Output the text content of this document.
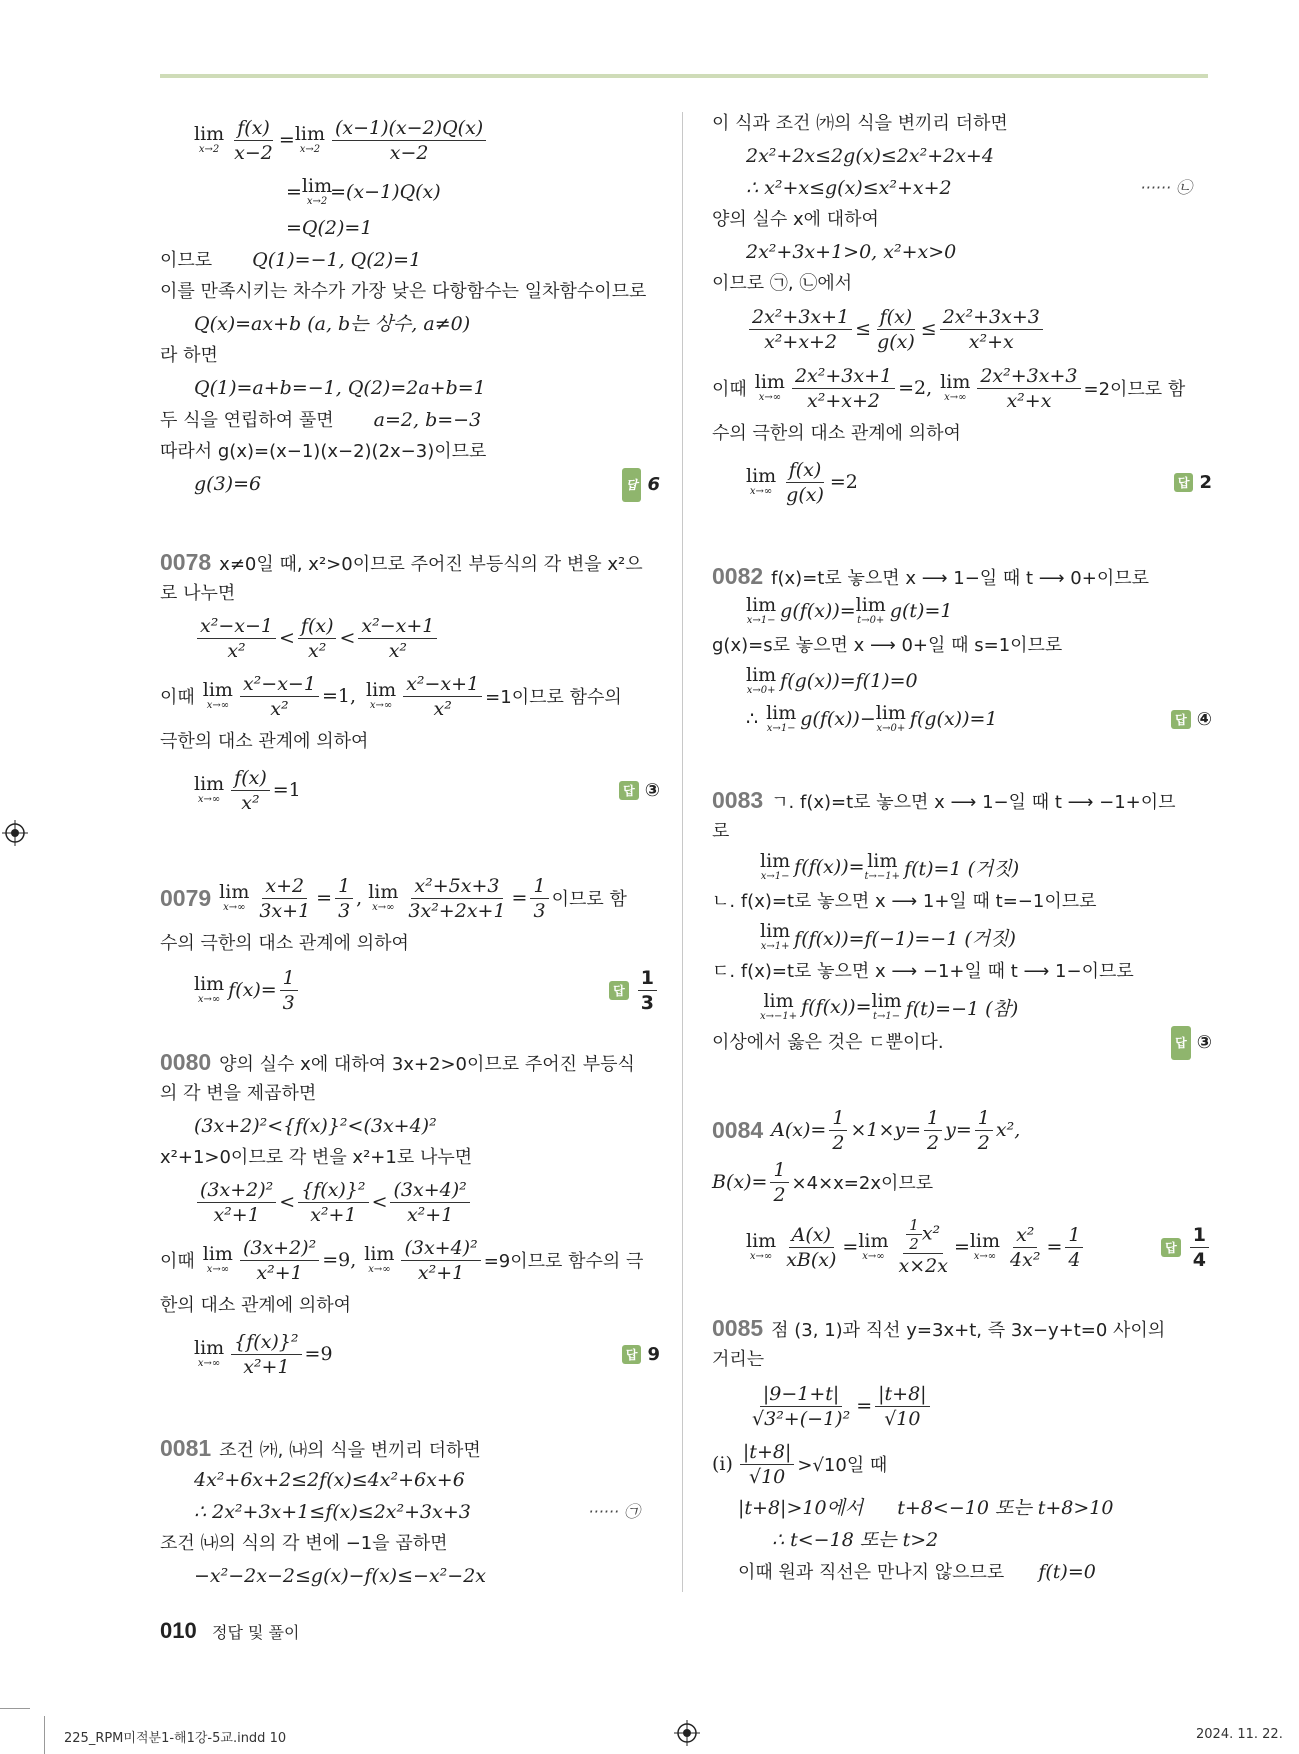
lim
$x\to 2 \frac{f(x)}{x-2} = \lim$
$x\to 2 \frac{(x-1)(x-2)Q(x)}{x-2}$
= lim
x→2 =(x−1)Q(x)
=Q(2)=1
이므로 Q(1)=−1, Q(2)=1
이를 만족시키는 차수가 가장 낮은 다항함수는 일차함수이므로
Q(x)=ax+b (a, b는 상수, a≠0)
라 하면
Q(1)=a+b=−1, Q(2)=2a+b=1
두 식을 연립하여 풀면 a=2, b=−3
따라서 g(x)=(x−1)(x−2)(2x−3)이므로
g(3)=6	답 6
0078 x≠0일 때, x²>0이므로 주어진 부등식의 각 변을 x²으
로 나누면
$\frac{\text{x²−x−1}}{\text{x²}} < \frac{f(x)}{\text{x²}} < \frac{\text{x²−x+1}}{\text{x²}}$
이때 lim
$x\to\infty \frac{\text{x²−x−1}}{\text{x²}} =1$, lim
$x\to\infty \frac{\text{x²−x+1}}{\text{x²}} =1$이므로 함수의
극한의 대소 관계에 의하여
lim
$x\to\infty \frac{f(x)}{\text{x²}} =1$	답 ③
0079 lim
$x\to\infty \frac{x+2}{3x+1} = \frac{1}{3}$ , lim
$x\to\infty \frac{\text{x²+5x+3}}{\text{3x²+2x+1}} = \frac{1}{3}$ 이므로 함
수의 극한의 대소 관계에 의하여
lim
x→∞ $f(x)= \frac{1}{3}$	답 $\frac{1}{3}$
0080 양의 실수 x에 대하여 3x+2>0이므로 주어진 부등식
의 각 변을 제곱하면
(3x+2)²<{f(x)}²<(3x+4)²
x²+1>0이므로 각 변을 x²+1로 나누면
$\frac{\text{(3x+2)²}}{\text{x²+1}} < \frac{\text{\{f(x)\}²}}{\text{x²+1}} < \frac{\text{(3x+4)²}}{\text{x²+1}}$
이때 lim
$x\to\infty \frac{\text{(3x+2)²}}{\text{x²+1}} =9$, lim
$x\to\infty \frac{\text{(3x+4)²}}{\text{x²+1}} =9$이므로 함수의 극
한의 대소 관계에 의하여
lim
$x\to\infty \frac{\text{\{f(x)\}²}}{\text{x²+1}} =9$	답 9
0081 조건 ㈎, ㈏의 식을 변끼리 더하면
4x²+6x+2≤2f(x)≤4x²+6x+6
∴ 2x²+3x+1≤f(x)≤2x²+3x+3	······ ㉠
조건 ㈏의 식의 각 변에 −1을 곱하면
−x²−2x−2≤g(x)−f(x)≤−x²−2x
이 식과 조건 ㈎의 식을 변끼리 더하면
2x²+2x≤2g(x)≤2x²+2x+4
∴ x²+x≤g(x)≤x²+x+2	······ ㉡
양의 실수 x에 대하여
2x²+3x+1>0, x²+x>0
이므로 ㉠, ㉡에서
$\frac{\text{2x²+3x+1}}{\text{x²+x+2}} \le \frac{f(x)}{g(x)} \le \frac{\text{2x²+3x+3}}{\text{x²+x}}$
이때 lim
$x\to\infty \frac{\text{2x²+3x+1}}{\text{x²+x+2}} =2$, lim
$x\to\infty \frac{\text{2x²+3x+3}}{\text{x²+x}} =2$이므로 함
수의 극한의 대소 관계에 의하여
lim
$x\to\infty \frac{f(x)}{g(x)} =2$	답 2
0082 f(x)=t로 놓으면 x ⟶ 1−일 때 t ⟶ 0+이므로
lim
x→1− g(f(x))= lim
t→0+ g(t)=1
g(x)=s로 놓으면 x ⟶ 0+일 때 s=1이므로
lim
x→0+ f(g(x))=f(1)=0
∴ lim
x→1− g(f(x))− lim
x→0+ f(g(x))=1	답 ④
0083 ㄱ. f(x)=t로 놓으면 x ⟶ 1−일 때 t ⟶ −1+이므
로
lim
x→1− f(f(x))= lim
t→−1+ f(t)=1 (거짓)
ㄴ. f(x)=t로 놓으면 x ⟶ 1+일 때 t=−1이므로
lim
x→1+ f(f(x))=f(−1)=−1 (거짓)
ㄷ. f(x)=t로 놓으면 x ⟶ −1+일 때 t ⟶ 1−이므로
lim
x→−1+ f(f(x))= lim
t→1− f(t)=−1 (참)
이상에서 옳은 것은 ㄷ뿐이다.	답 ③
0084 $A(x)= \frac{1}{2} \times 1\times y= \frac{1}{2} y= \frac{1}{2} x^2$,
$B(x)= \frac{1}{2} \times 4\times x=2x$이므로
lim
$x\to\infty \frac{A(x)}{xB(x)} = \lim$
$x\to\infty \frac{\frac{1}{2} x^2}{x\times 2x} = \lim$
$x\to\infty \frac{\text{x²}}{\text{4x²}} = \frac{1}{4}$	답 $\frac{1}{4}$
0085 점 (3, 1)과 직선 y=3x+t, 즉 3x−y+t=0 사이의
거리는
$\frac{|9-1+t|}{\text{√3²+(−1)²}} = \frac{|t+8|}{√10}$
(ⅰ) $\frac{|t+8|}{√10} >√10$일 때
|t+8|>10에서 t+8<−10 또는 t+8>10
∴ t<−18 또는 t>2
이때 원과 직선은 만나지 않으므로 f(t)=0
010 정답 및 풀이
225_RPM미적분1-해1강-5교.indd 10	2024. 11. 22.
